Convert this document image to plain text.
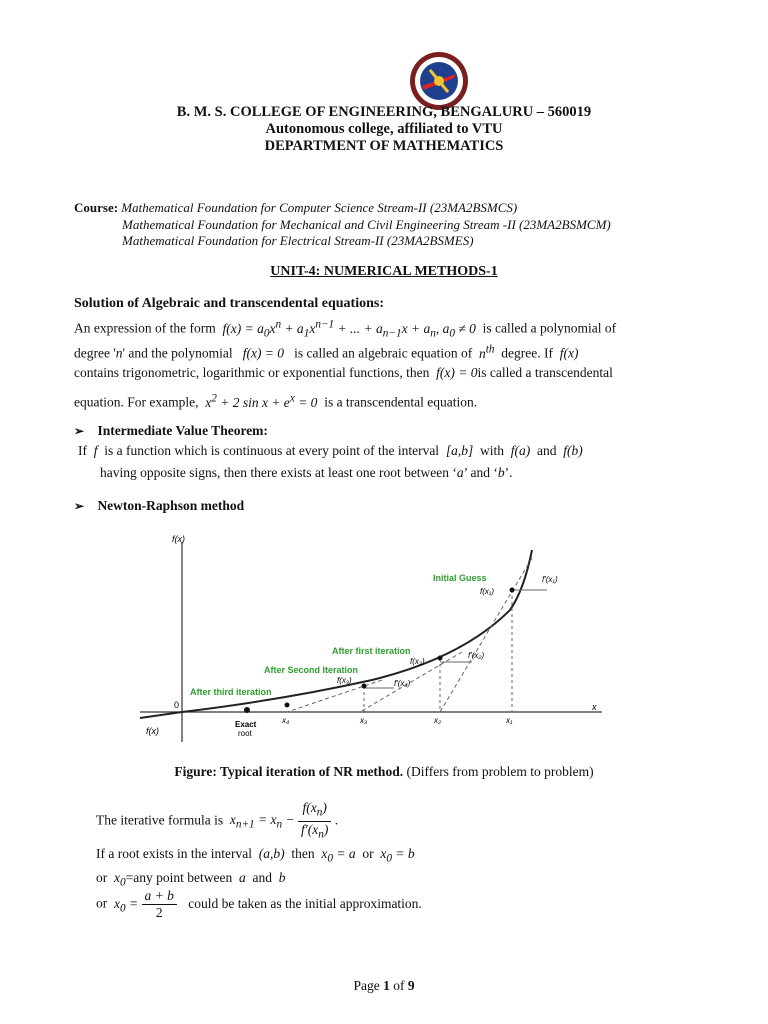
B. M. S. COLLEGE OF ENGINEERING, BENGALURU – 560019
Autonomous college, affiliated to VTU
DEPARTMENT OF MATHEMATICS
Course: Mathematical Foundation for Computer Science Stream-II (23MA2BSMCS)
Mathematical Foundation for Mechanical and Civil Engineering Stream -II (23MA2BSMCM)
Mathematical Foundation for Electrical Stream-II (23MA2BSMES)
UNIT-4: NUMERICAL METHODS-1
Solution of Algebraic and transcendental equations:
An expression of the form  $f(x) = a_0x^n + a_1x^{n-1}$ + ... + $a_{n-1}x + a_n$, $a_0 \ne 0$  is called a polynomial of
degree 'n' and the polynomial   f(x) = 0   is called an algebraic equation of  $n^{th}$ degree. If  f(x)
contains trigonometric, logarithmic or exponential functions, then  f(x) = 0is called a transcendental
equation. For example,  $x^2 + 2$ $\sin x + e^x = 0$  is a transcendental equation.
➢ Intermediate Value Theorem:
If  f  is a function which is continuous at every point of the interval  [a,b]  with  f(a)  and  f(b)
having opposite signs, then there exists at least one root between ‘a’ and ‘b’.
➢ Newton-Raphson method
f(x)
x
0
f(x)
Exact
root
x₁
x₂
x₃
x₄
f(x₁)
f(x₂)
f(x₃)
f'(x₁)
f'(x₂)
f'(x₃)
Initial Guess
After first iteration
After Second Iteration
After third iteration
Figure: Typical iteration of NR method. (Differs from problem to problem)
The iterative formula is  $x_{n+1} = x_n - \frac{f(x_n)}{f'(x_n)}$ .
If a root exists in the interval  (a,b)  then  $x_0 = a$  or  $x_0 = b$
or  $x_0=any$ point between  a  and  b
or  $x_0 = \frac{a + b}{2}$ could be taken as the initial approximation.
Page 1 of 9
